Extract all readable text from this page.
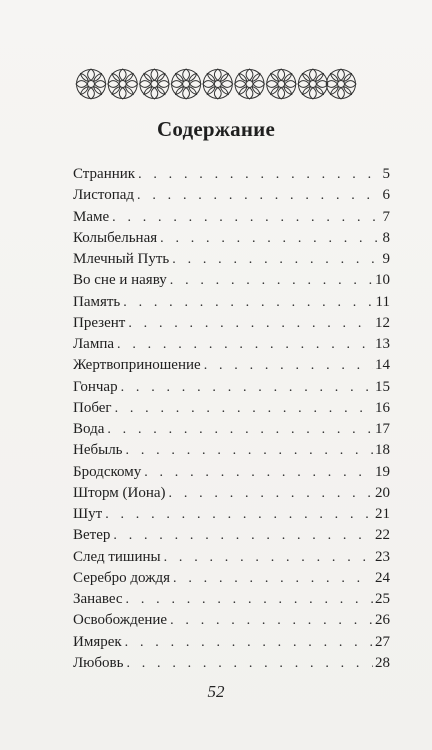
Содержание
Странник . . .	5
Листопад . . .	6
Маме . . .	7
Колыбельная . . .	8
Млечный Путь . . .	9
Во сне и наяву . . .	10
Память . . .	11
Презент . . .	12
Лампа . . .	13
Жертвоприношение . . .	14
Гончар . . .	15
Побег . . .	16
Вода . . .	17
Небыль . . .	18
Бродскому . . .	19
Шторм (Иона) . . .	20
Шут . . .	21
Ветер . . .	22
След тишины . . .	23
Серебро дождя . . .	24
Занавес . . .	25
Освобождение . . .	26
Имярек . . .	27
Любовь . . .	28
52
